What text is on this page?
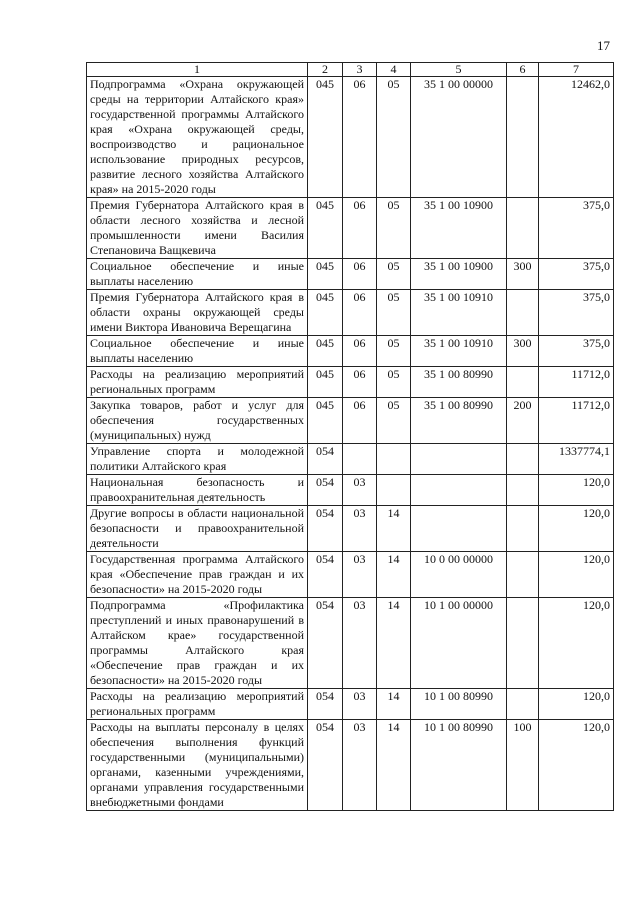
17
1	2	3	4	5	6	7
Подпрограмма «Охрана окружающей среды на территории Алтайского края» государственной программы Алтайского края «Охрана окружающей среды, воспроизводство и рациональное использование природных ресурсов, развитие лесного хозяйства Алтайского края» на 2015-2020 годы	045	06	05	35 1 00 00000		12462,0
Премия Губернатора Алтайского края в области лесного хозяйства и лесной промышленности имени Василия Степановича Ващкевича	045	06	05	35 1 00 10900		375,0
Социальное обеспечение и иные выплаты населению	045	06	05	35 1 00 10900	300	375,0
Премия Губернатора Алтайского края в области охраны окружающей среды имени Виктора Ивановича Верещагина	045	06	05	35 1 00 10910		375,0
Социальное обеспечение и иные выплаты населению	045	06	05	35 1 00 10910	300	375,0
Расходы на реализацию мероприятий региональных программ	045	06	05	35 1 00 80990		11712,0
Закупка товаров, работ и услуг для обеспечения государственных (муниципальных) нужд	045	06	05	35 1 00 80990	200	11712,0
Управление спорта и молодежной политики Алтайского края	054					1337774,1
Национальная безопасность и правоохранительная деятельность	054	03				120,0
Другие вопросы в области национальной безопасности и правоохранительной деятельности	054	03	14			120,0
Государственная программа Алтайского края «Обеспечение прав граждан и их безопасности» на 2015-2020 годы	054	03	14	10 0 00 00000		120,0
Подпрограмма «Профилактика преступлений и иных правонарушений в Алтайском крае» государственной программы Алтайского края «Обеспечение прав граждан и их безопасности» на 2015-2020 годы	054	03	14	10 1 00 00000		120,0
Расходы на реализацию мероприятий региональных программ	054	03	14	10 1 00 80990		120,0
Расходы на выплаты персоналу в целях обеспечения выполнения функций государственными (муниципальными) органами, казенными учреждениями, органами управления государственными внебюджетными фондами	054	03	14	10 1 00 80990	100	120,0
